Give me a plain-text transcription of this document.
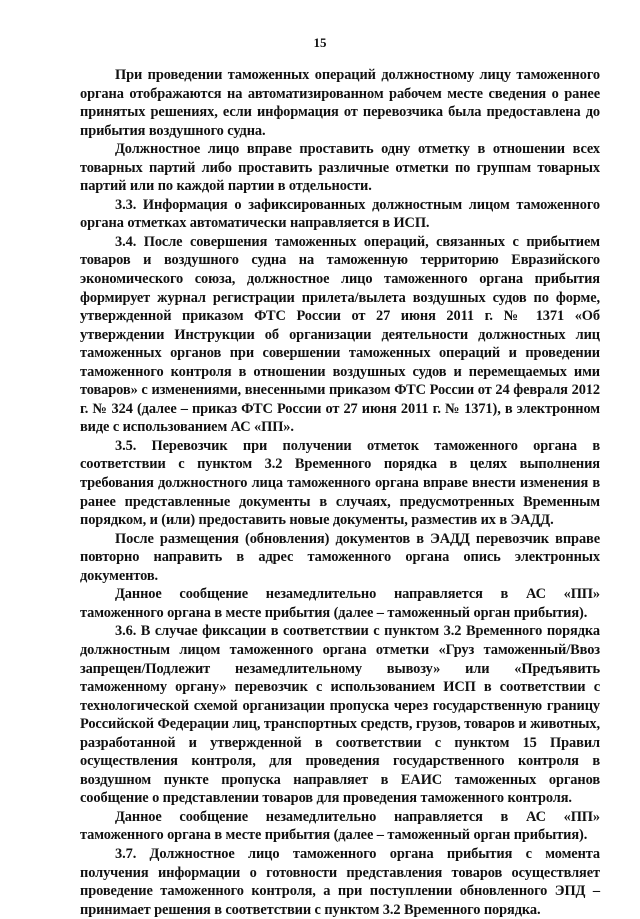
15

При проведении таможенных операций должностному лицу таможенного органа отображаются на автоматизированном рабочем месте сведения о ранее принятых решениях, если информация от перевозчика была предоставлена до прибытия воздушного судна.

Должностное лицо вправе проставить одну отметку в отношении всех товарных партий либо проставить различные отметки по группам товарных партий или по каждой партии в отдельности.

3.3. Информация о зафиксированных должностным лицом таможенного органа отметках автоматически направляется в ИСП.

3.4. После совершения таможенных операций, связанных с прибытием товаров и воздушного судна на таможенную территорию Евразийского экономического союза, должностное лицо таможенного органа прибытия формирует журнал регистрации прилета/вылета воздушных судов по форме, утвержденной приказом ФТС России от 27 июня 2011 г. № 1371 «Об утверждении Инструкции об организации деятельности должностных лиц таможенных органов при совершении таможенных операций и проведении таможенного контроля в отношении воздушных судов и перемещаемых ими товаров» с изменениями, внесенными приказом ФТС России от 24 февраля 2012 г. № 324 (далее – приказ ФТС России от 27 июня 2011 г. № 1371), в электронном виде с использованием АС «ПП».

3.5. Перевозчик при получении отметок таможенного органа в соответствии с пунктом 3.2 Временного порядка в целях выполнения требования должностного лица таможенного органа вправе внести изменения в ранее представленные документы в случаях, предусмотренных Временным порядком, и (или) предоставить новые документы, разместив их в ЭАДД.

После размещения (обновления) документов в ЭАДД перевозчик вправе повторно направить в адрес таможенного органа опись электронных документов.

Данное сообщение незамедлительно направляется в АС «ПП» таможенного органа в месте прибытия (далее – таможенный орган прибытия).

3.6. В случае фиксации в соответствии с пунктом 3.2 Временного порядка должностным лицом таможенного органа отметки «Груз таможенный/Ввоз запрещен/Подлежит незамедлительному вывозу» или «Предъявить таможенному органу» перевозчик с использованием ИСП в соответствии с технологической схемой организации пропуска через государственную границу Российской Федерации лиц, транспортных средств, грузов, товаров и животных, разработанной и утвержденной в соответствии с пунктом 15 Правил осуществления контроля, для проведения государственного контроля в воздушном пункте пропуска направляет в ЕАИС таможенных органов сообщение о представлении товаров для проведения таможенного контроля.

Данное сообщение незамедлительно направляется в АС «ПП» таможенного органа в месте прибытия (далее – таможенный орган прибытия).

3.7. Должностное лицо таможенного органа прибытия с момента получения информации о готовности представления товаров осуществляет проведение таможенного контроля, а при поступлении обновленного ЭПД – принимает решения в соответствии с пунктом 3.2 Временного порядка.
